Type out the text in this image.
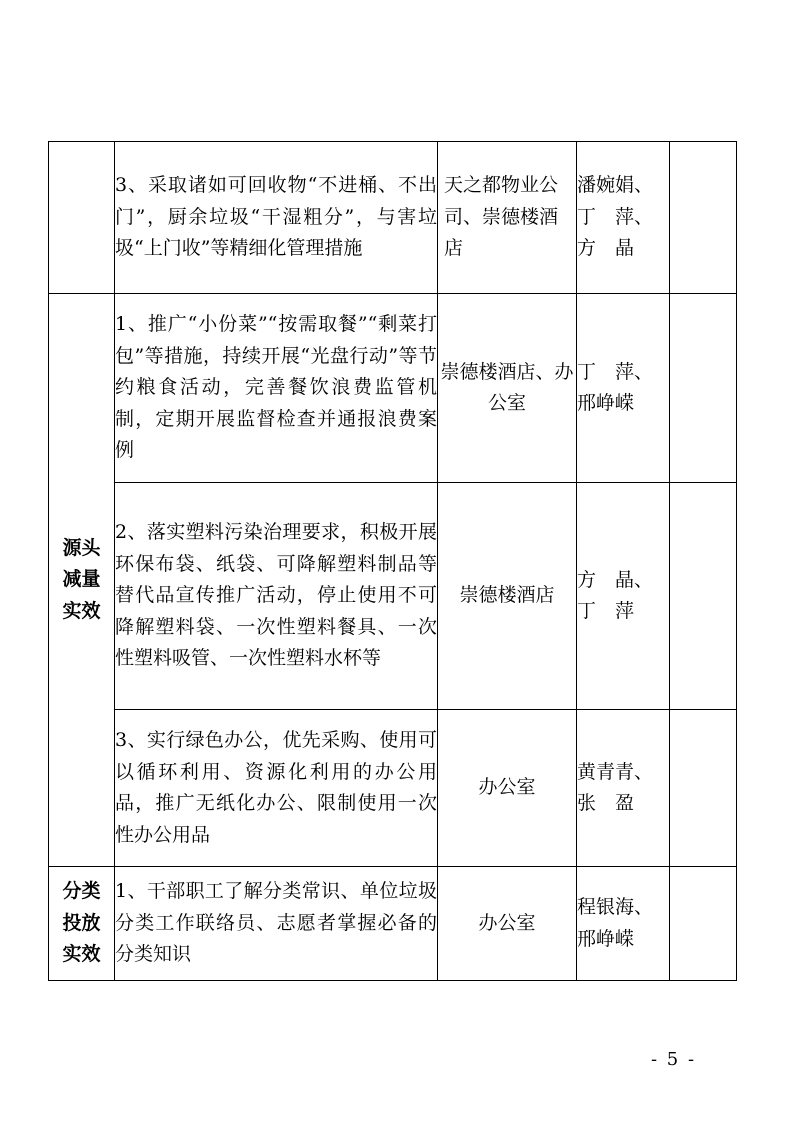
	3、采取诸如可回收物“不进桶、不出门”，厨余垃圾“干湿粗分”，与害垃圾“上门收”等精细化管理措施	天之都物业公司、崇德楼酒店	潘婉娟、
丁　萍、
方　晶	

源头
减量
实效	1、推广“小份菜”“按需取餐”“剩菜打包”等措施，持续开展“光盘行动”等节约粮食活动，完善餐饮浪费监管机制，定期开展监督检查并通报浪费案例	崇德楼酒店、办公室	丁　萍、
邢峥嵘	

	2、落实塑料污染治理要求，积极开展环保布袋、纸袋、可降解塑料制品等替代品宣传推广活动，停止使用不可降解塑料袋、一次性塑料餐具、一次性塑料吸管、一次性塑料水杯等	崇德楼酒店	方　晶、
丁　萍	

	3、实行绿色办公，优先采购、使用可以循环利用、资源化利用的办公用品，推广无纸化办公、限制使用一次性办公用品	办公室	黄青青、
张　盈	

分类
投放
实效	1、干部职工了解分类常识、单位垃圾分类工作联络员、志愿者掌握必备的分类知识	办公室	程银海、
邢峥嵘	

- 5 -
